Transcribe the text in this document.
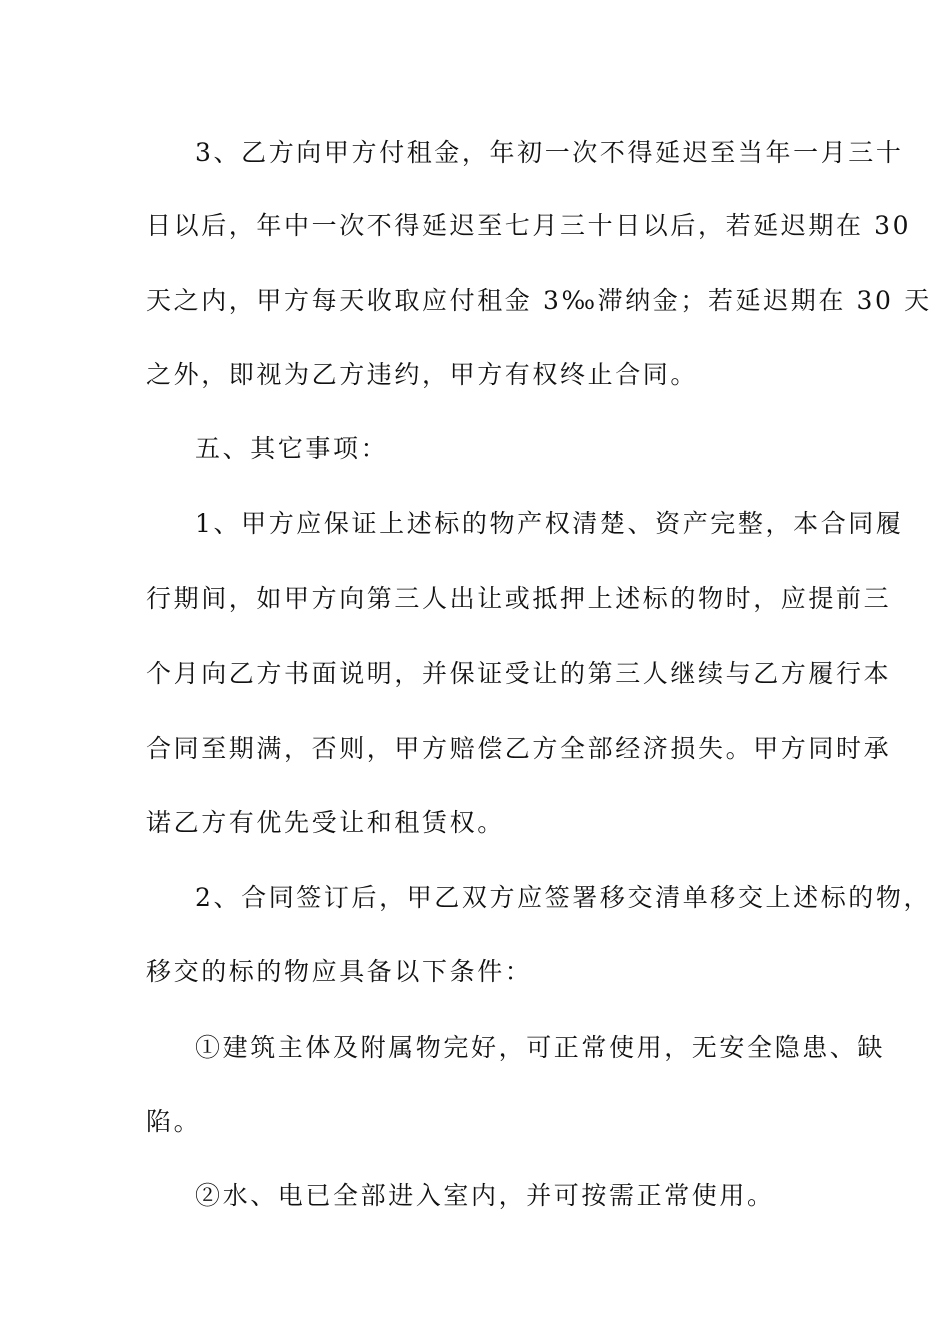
3、乙方向甲方付租金，年初一次不得延迟至当年一月三十
日以后，年中一次不得延迟至七月三十日以后，若延迟期在 30
天之内，甲方每天收取应付租金 3‰滞纳金；若延迟期在 30 天
之外，即视为乙方违约，甲方有权终止合同。
五、其它事项：
1、甲方应保证上述标的物产权清楚、资产完整，本合同履
行期间，如甲方向第三人出让或抵押上述标的物时，应提前三
个月向乙方书面说明，并保证受让的第三人继续与乙方履行本
合同至期满，否则，甲方赔偿乙方全部经济损失。甲方同时承
诺乙方有优先受让和租赁权。
2、合同签订后，甲乙双方应签署移交清单移交上述标的物，
移交的标的物应具备以下条件：
①建筑主体及附属物完好，可正常使用，无安全隐患、缺
陷。
②水、电已全部进入室内，并可按需正常使用。
